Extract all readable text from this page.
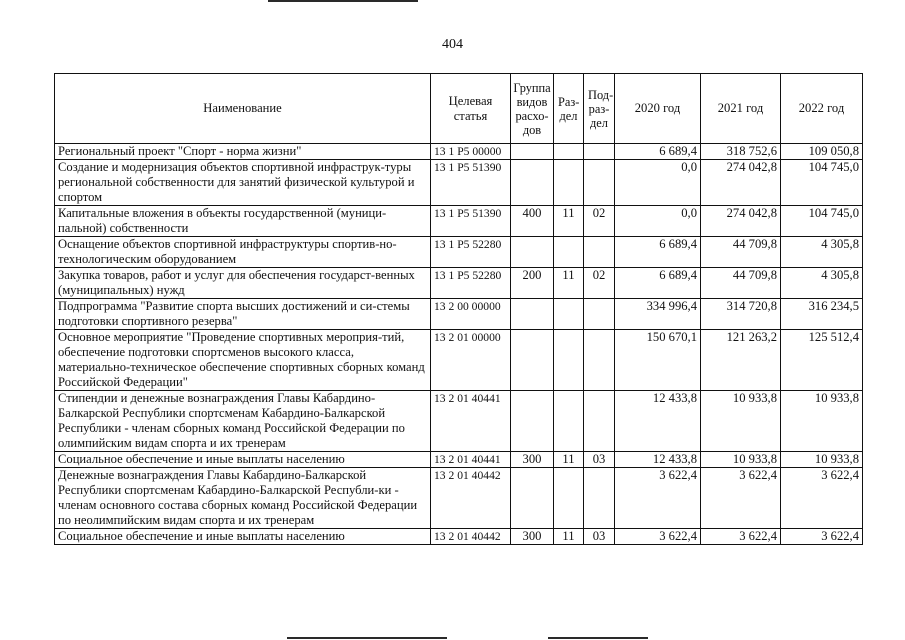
404
Наименование	Целевая статья	Группа видов расхо-дов	Раз-дел	Под-раз-дел	2020 год	2021 год	2022 год
Региональный проект "Спорт - норма жизни"	13 1 P5 00000				6 689,4	318 752,6	109 050,8
Создание и модернизация объектов спортивной инфраструк-туры региональной собственности для занятий физической культурой и спортом	13 1 P5 51390				0,0	274 042,8	104 745,0
Капитальные вложения в объекты государственной (муници-пальной) собственности	13 1 P5 51390	400	11	02	0,0	274 042,8	104 745,0
Оснащение объектов спортивной инфраструктуры спортив-но-технологическим оборудованием	13 1 P5 52280				6 689,4	44 709,8	4 305,8
Закупка товаров, работ и услуг для обеспечения государст-венных (муниципальных) нужд	13 1 P5 52280	200	11	02	6 689,4	44 709,8	4 305,8
Подпрограмма "Развитие спорта высших достижений и си-стемы подготовки спортивного резерва"	13 2 00 00000				334 996,4	314 720,8	316 234,5
Основное мероприятие "Проведение спортивных мероприя-тий, обеспечение подготовки спортсменов высокого класса, материально-техническое обеспечение спортивных сборных команд Российской Федерации"	13 2 01 00000				150 670,1	121 263,2	125 512,4
Стипендии и денежные вознаграждения Главы Кабардино-Балкарской Республики спортсменам Кабардино-Балкарской Республики - членам сборных команд Российской Федерации по олимпийским видам спорта и их тренерам	13 2 01 40441				12 433,8	10 933,8	10 933,8
Социальное обеспечение и иные выплаты населению	13 2 01 40441	300	11	03	12 433,8	10 933,8	10 933,8
Денежные вознаграждения Главы Кабардино-Балкарской Республики спортсменам Кабардино-Балкарской Республи-ки - членам основного состава сборных команд Российской Федерации по неолимпийским видам спорта и их тренерам	13 2 01 40442				3 622,4	3 622,4	3 622,4
Социальное обеспечение и иные выплаты населению	13 2 01 40442	300	11	03	3 622,4	3 622,4	3 622,4
